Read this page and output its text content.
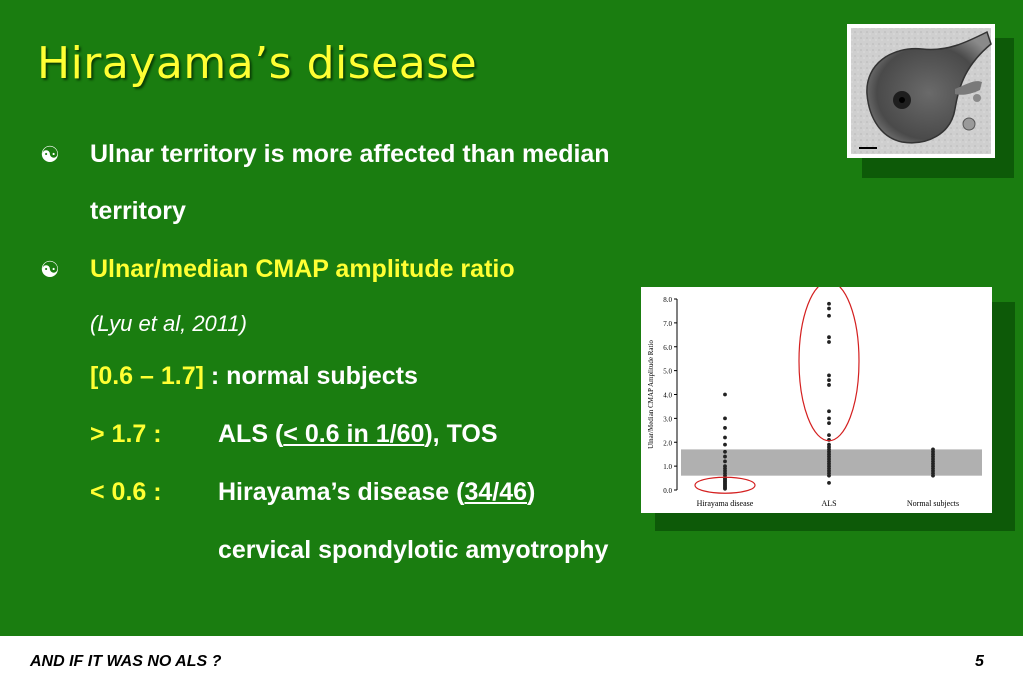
Hirayama’s disease
☯ Ulnar territory is more affected than median
territory
☯ Ulnar/median CMAP amplitude ratio
(Lyu et al, 2011)
[0.6 – 1.7] : normal subjects
> 1.7 : ALS (< 0.6 in 1/60), TOS
< 0.6 : Hirayama’s disease (34/46)
cervical spondylotic amyotrophy
0.0
1.0
2.0
3.0
4.0
5.0
6.0
7.0
8.0
Ulnar/Median CMAP Amplitude Ratio
Hirayama disease	ALS	Normal subjects
AND IF IT WAS NO ALS ?	5
